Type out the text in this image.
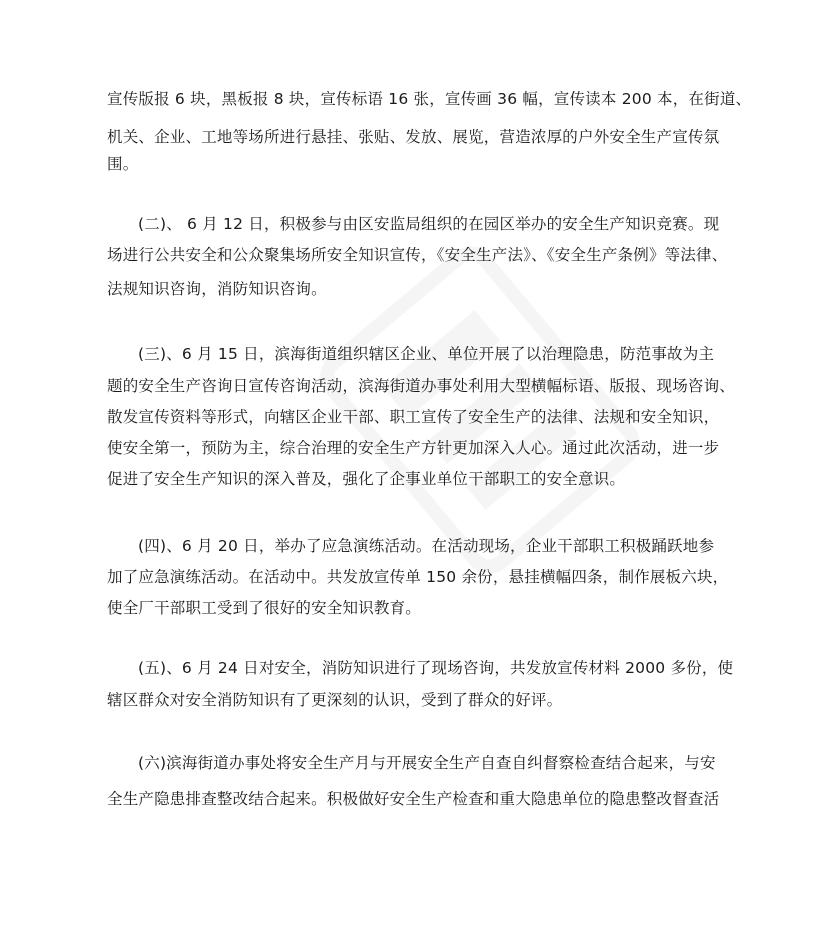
宣传版报 6 块，黑板报 8 块，宣传标语 16 张，宣传画 36 幅，宣传读本 200 本，在街道、

机关、企业、工地等场所进行悬挂、张贴、发放、展览，营造浓厚的户外安全生产宣传氛

围。

(二)、 6 月 12 日，积极参与由区安监局组织的在园区举办的安全生产知识竞赛。现

场进行公共安全和公众聚集场所安全知识宣传，《安全生产法》、《安全生产条例》等法律、

法规知识咨询，消防知识咨询。

(三)、6 月 15 日，滨海街道组织辖区企业、单位开展了以治理隐患，防范事故为主

题的安全生产咨询日宣传咨询活动，滨海街道办事处利用大型横幅标语、版报、现场咨询、

散发宣传资料等形式，向辖区企业干部、职工宣传了安全生产的法律、法规和安全知识，

使安全第一，预防为主，综合治理的安全生产方针更加深入人心。通过此次活动，进一步

促进了安全生产知识的深入普及，强化了企事业单位干部职工的安全意识。

(四)、6 月 20 日，举办了应急演练活动。在活动现场，企业干部职工积极踊跃地参

加了应急演练活动。在活动中。共发放宣传单 150 余份，悬挂横幅四条，制作展板六块，

使全厂干部职工受到了很好的安全知识教育。

(五)、6 月 24 日对安全，消防知识进行了现场咨询，共发放宣传材料 2000 多份，使

辖区群众对安全消防知识有了更深刻的认识，受到了群众的好评。

(六)滨海街道办事处将安全生产月与开展安全生产自查自纠督察检查结合起来，与安

全生产隐患排查整改结合起来。积极做好安全生产检查和重大隐患单位的隐患整改督查活
